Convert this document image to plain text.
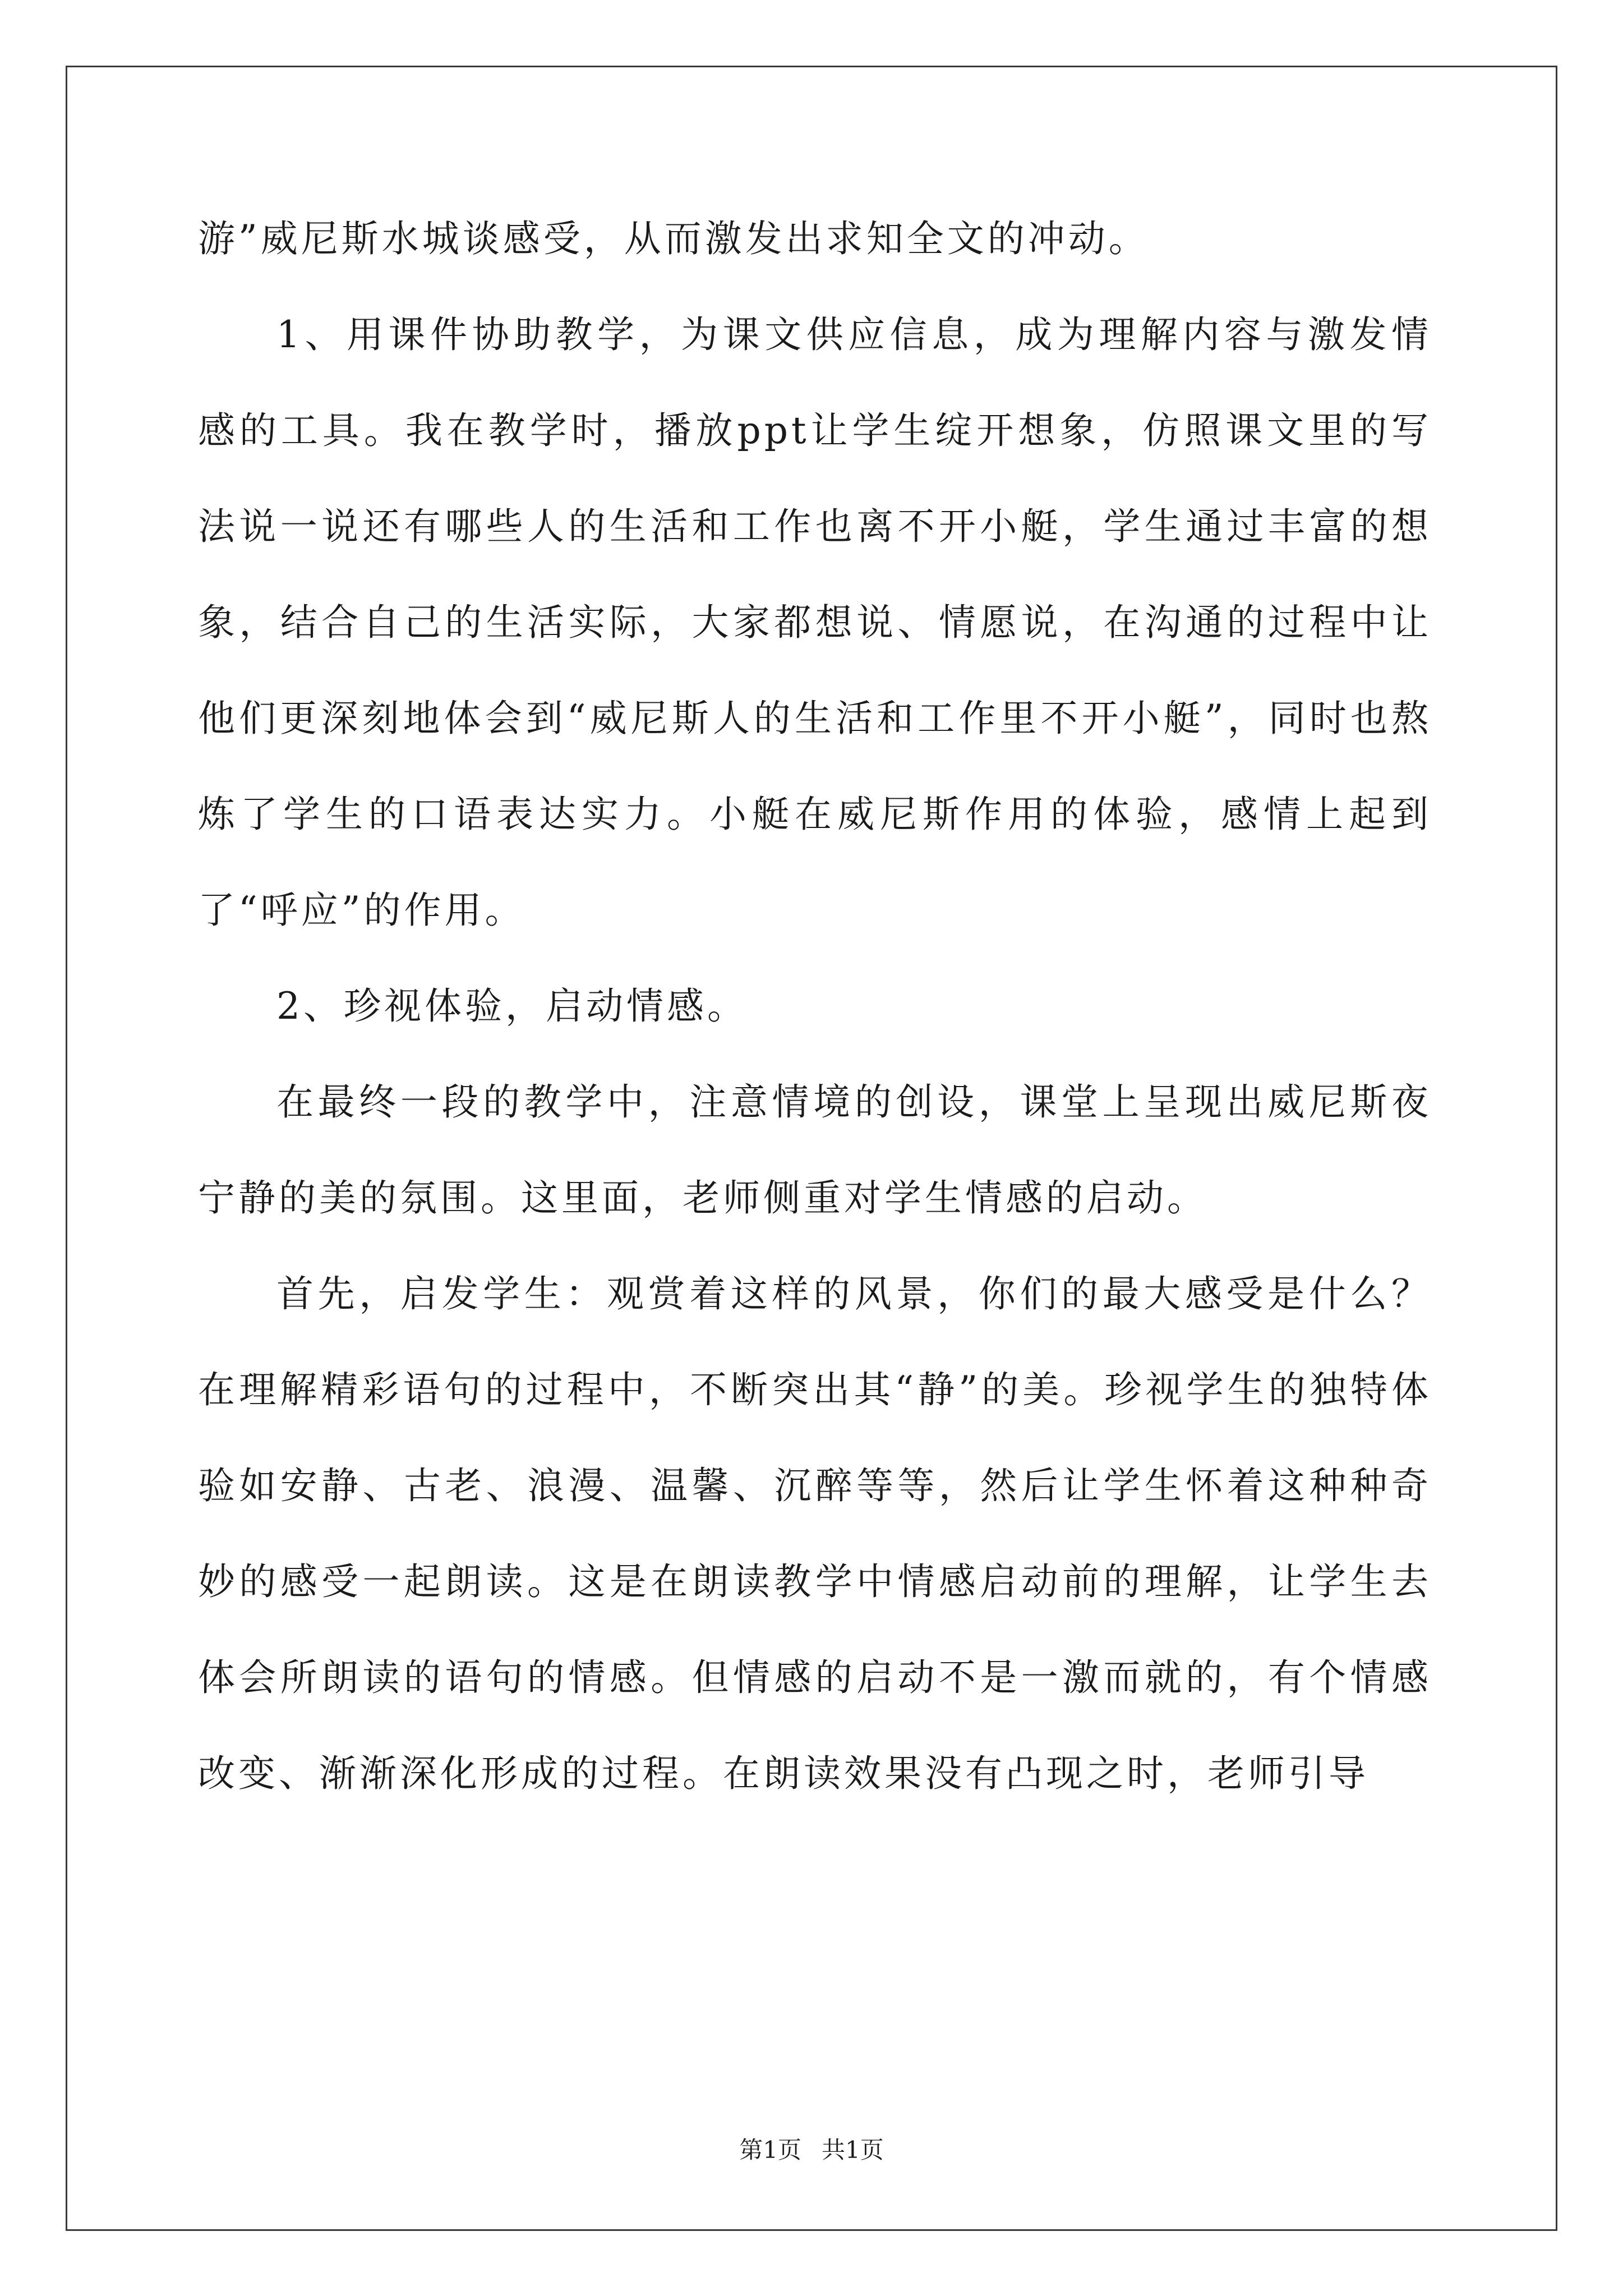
游”威尼斯水城谈感受，从而激发出求知全文的冲动。

1、用课件协助教学，为课文供应信息，成为理解内容与激发情感的工具。我在教学时，播放ppt让学生绽开想象，仿照课文里的写法说一说还有哪些人的生活和工作也离不开小艇，学生通过丰富的想象，结合自己的生活实际，大家都想说、情愿说，在沟通的过程中让他们更深刻地体会到“威尼斯人的生活和工作里不开小艇”，同时也熬炼了学生的口语表达实力。小艇在威尼斯作用的体验，感情上起到了“呼应”的作用。

2、珍视体验，启动情感。

在最终一段的教学中，注意情境的创设，课堂上呈现出威尼斯夜宁静的美的氛围。这里面，老师侧重对学生情感的启动。

首先，启发学生：观赏着这样的风景，你们的最大感受是什么？在理解精彩语句的过程中，不断突出其“静”的美。珍视学生的独特体验如安静、古老、浪漫、温馨、沉醉等等，然后让学生怀着这种种奇妙的感受一起朗读。这是在朗读教学中情感启动前的理解，让学生去体会所朗读的语句的情感。但情感的启动不是一激而就的，有个情感改变、渐渐深化形成的过程。在朗读效果没有凸现之时，老师引导

第1页 共1页
